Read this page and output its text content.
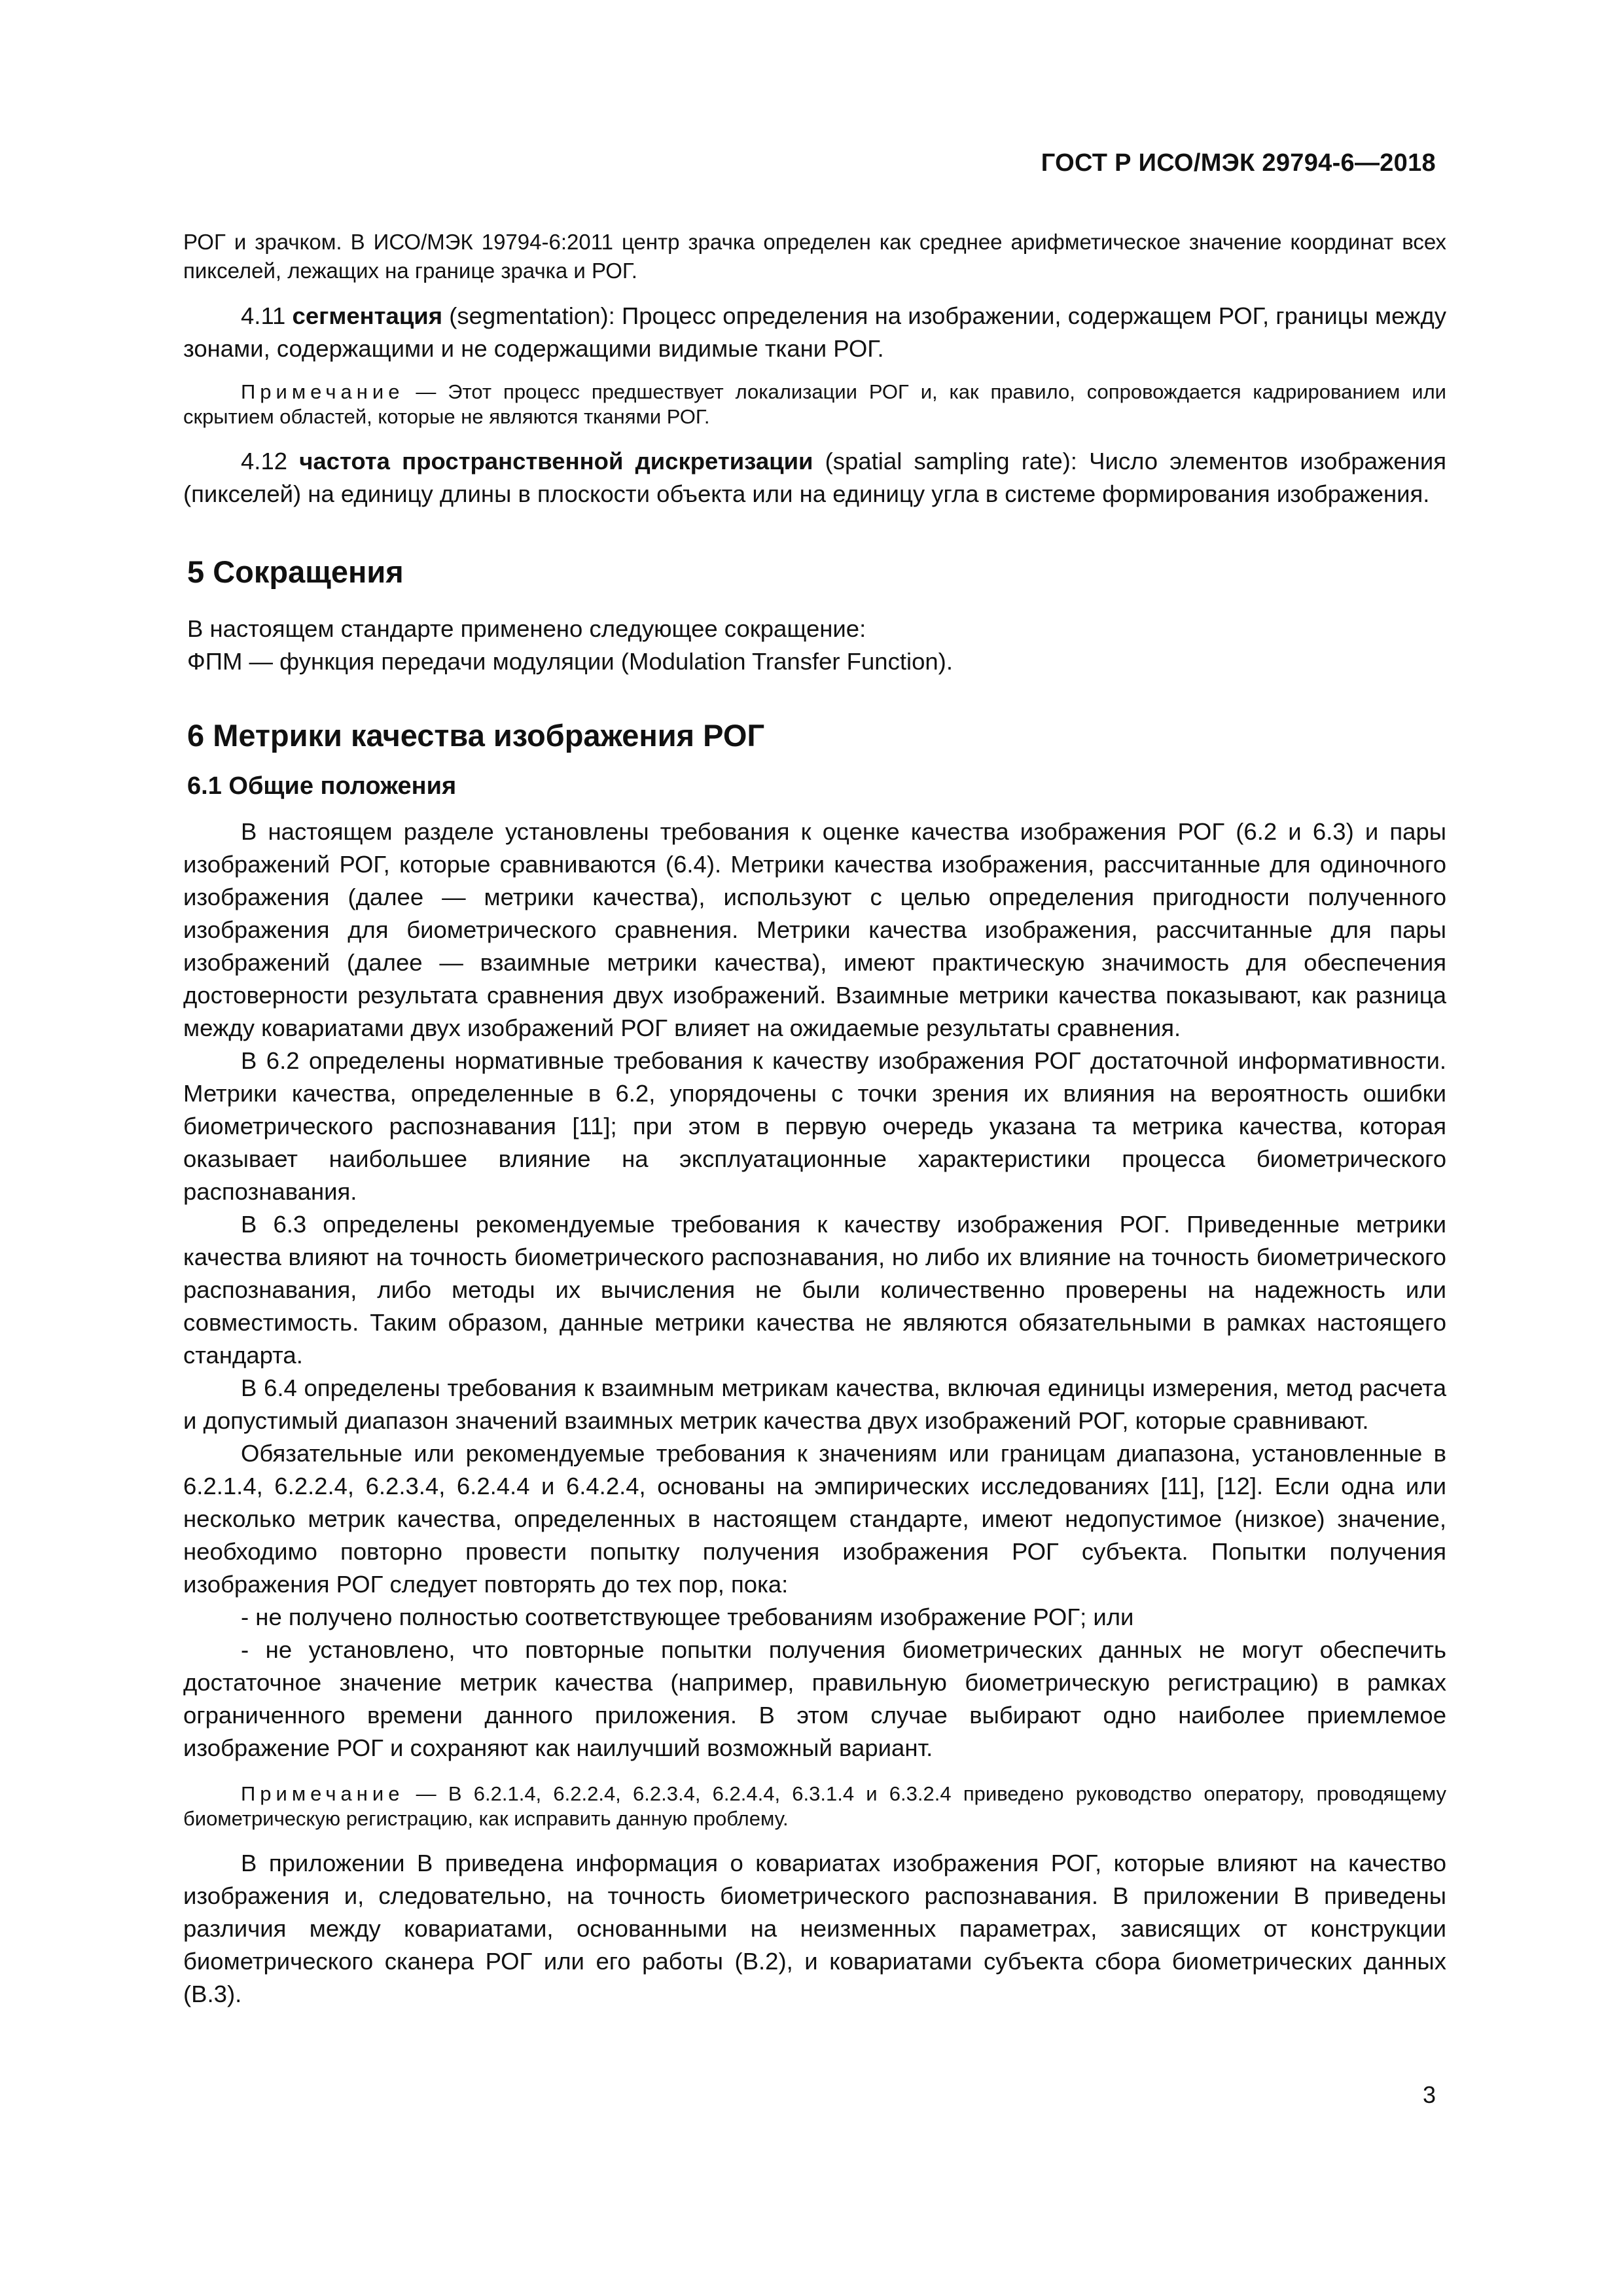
ГОСТ Р ИСО/МЭК 29794-6—2018

РОГ и зрачком. В ИСО/МЭК 19794-6:2011 центр зрачка определен как среднее арифметическое значение координат всех пикселей, лежащих на границе зрачка и РОГ.

4.11 сегментация (segmentation): Процесс определения на изображении, содержащем РОГ, границы между зонами, содержащими и не содержащими видимые ткани РОГ.

Примечание — Этот процесс предшествует локализации РОГ и, как правило, сопровождается кадрированием или скрытием областей, которые не являются тканями РОГ.

4.12 частота пространственной дискретизации (spatial sampling rate): Число элементов изображения (пикселей) на единицу длины в плоскости объекта или на единицу угла в системе формирования изображения.

5 Сокращения

В настоящем стандарте применено следующее сокращение:

ФПМ — функция передачи модуляции (Modulation Transfer Function).

6 Метрики качества изображения РОГ
6.1 Общие положения

В настоящем разделе установлены требования к оценке качества изображения РОГ (6.2 и 6.3) и пары изображений РОГ, которые сравниваются (6.4). Метрики качества изображения, рассчитанные для одиночного изображения (далее — метрики качества), используют с целью определения пригодности полученного изображения для биометрического сравнения. Метрики качества изображения, рассчитанные для пары изображений (далее — взаимные метрики качества), имеют практическую значимость для обеспечения достоверности результата сравнения двух изображений. Взаимные метрики качества показывают, как разница между ковариатами двух изображений РОГ влияет на ожидаемые результаты сравнения.

В 6.2 определены нормативные требования к качеству изображения РОГ достаточной информативности. Метрики качества, определенные в 6.2, упорядочены с точки зрения их влияния на вероятность ошибки биометрического распознавания [11]; при этом в первую очередь указана та метрика качества, которая оказывает наибольшее влияние на эксплуатационные характеристики процесса биометрического распознавания.

В 6.3 определены рекомендуемые требования к качеству изображения РОГ. Приведенные метрики качества влияют на точность биометрического распознавания, но либо их влияние на точность биометрического распознавания, либо методы их вычисления не были количественно проверены на надежность или совместимость. Таким образом, данные метрики качества не являются обязательными в рамках настоящего стандарта.

В 6.4 определены требования к взаимным метрикам качества, включая единицы измерения, метод расчета и допустимый диапазон значений взаимных метрик качества двух изображений РОГ, которые сравнивают.

Обязательные или рекомендуемые требования к значениям или границам диапазона, установленные в 6.2.1.4, 6.2.2.4, 6.2.3.4, 6.2.4.4 и 6.4.2.4, основаны на эмпирических исследованиях [11], [12]. Если одна или несколько метрик качества, определенных в настоящем стандарте, имеют недопустимое (низкое) значение, необходимо повторно провести попытку получения изображения РОГ субъекта. Попытки получения изображения РОГ следует повторять до тех пор, пока:

- не получено полностью соответствующее требованиям изображение РОГ; или

- не установлено, что повторные попытки получения биометрических данных не могут обеспечить достаточное значение метрик качества (например, правильную биометрическую регистрацию) в рамках ограниченного времени данного приложения. В этом случае выбирают одно наиболее приемлемое изображение РОГ и сохраняют как наилучший возможный вариант.

Примечание — В 6.2.1.4, 6.2.2.4, 6.2.3.4, 6.2.4.4, 6.3.1.4 и 6.3.2.4 приведено руководство оператору, проводящему биометрическую регистрацию, как исправить данную проблему.

В приложении В приведена информация о ковариатах изображения РОГ, которые влияют на качество изображения и, следовательно, на точность биометрического распознавания. В приложении В приведены различия между ковариатами, основанными на неизменных параметрах, зависящих от конструкции биометрического сканера РОГ или его работы (В.2), и ковариатами субъекта сбора биометрических данных (В.3).

3
